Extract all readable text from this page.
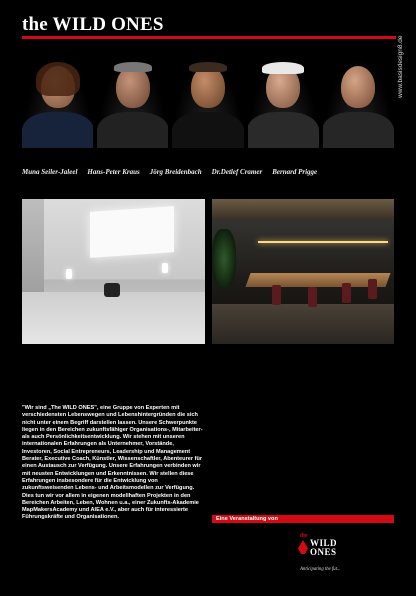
the WILD ONES
www.basisdesign8.de
Muna Seiler-Jaleel Hans-Peter Kraus Jörg Breidenbach Dr.Detlef Cramer Bernard Prigge
"Wir sind „The WILD ONES", eine Gruppe von Experten mit verschiedensten Lebenswegen und Lebenshintergründen die sich nicht unter einem Begriff darstellen lassen. Unsere Schwerpunkte liegen in den Bereichen zukunftsfähiger Organisations-, Mitarbeiter- als auch Persönlichkeitsentwicklung. Wir stehen mit unseren internationalen Erfahrungen als Unternehmer, Vorstände, Investoren, Social Entrepreneurs, Leadership und Management Berater, Executive Coach, Künstler, Wissenschaftler, Abenteurer für einen Austausch zur Verfügung. Unsere Erfahrungen verbinden wir mit neusten Entwicklungen und Erkenntnissen. Wir stellen diese Erfahrungen insbesondere für die Entwicklung von zukunftsweisenden Lebens- und Arbeitsmodellen zur Verfügung. Dies tun wir vor allem in eigenen modellhaften Projekten in den Bereichen Arbeiten, Leben, Wohnen u.a., einer Zukunfts-Akademie MapMakersAcademy und AIEA e.V., aber auch für interessierte Führungskräfte und Organisationen.	Eine Veranstaltung von
the
WILD
ONES
Anticipating the fut...
